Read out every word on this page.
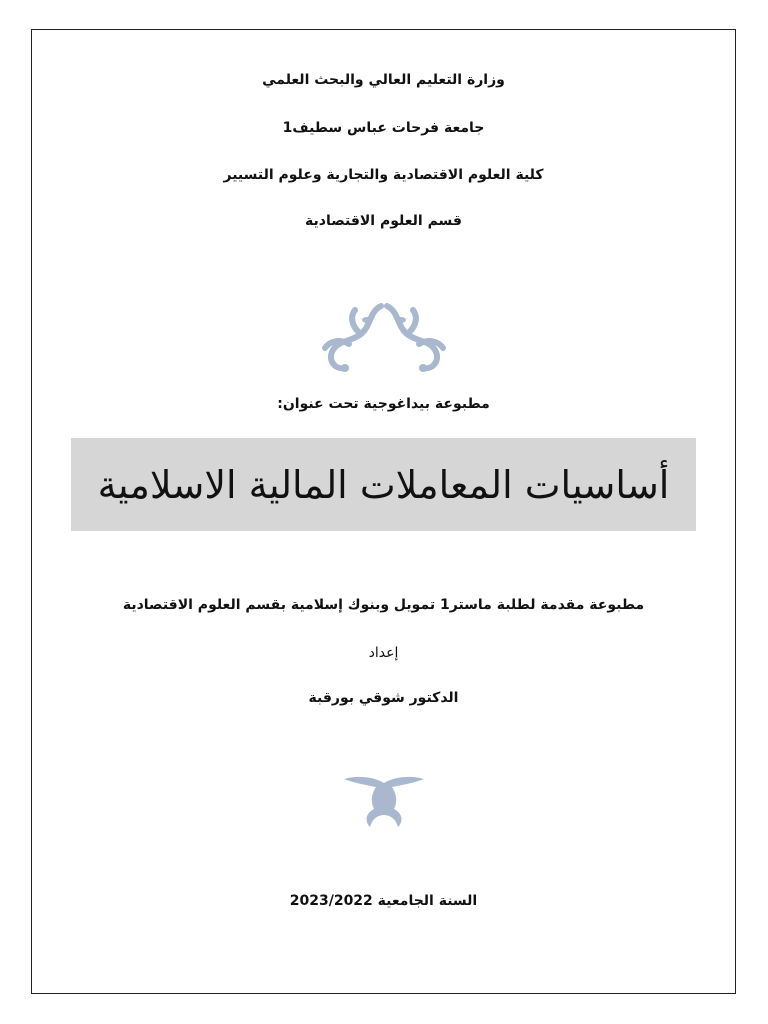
وزارة التعليم العالي والبحث العلمي
جامعة فرحات عباس سطيف1
كلية العلوم الاقتصادية والتجارية وعلوم التسيير
قسم العلوم الاقتصادية
مطبوعة بيداغوجية تحت عنوان:
أساسيات المعاملات المالية الاسلامية
مطبوعة مقدمة لطلبة ماستر1 تمويل وبنوك إسلامية بقسم العلوم الاقتصادية
إعداد
الدكتور شوقي بورقبة
السنة الجامعية 2023/2022
